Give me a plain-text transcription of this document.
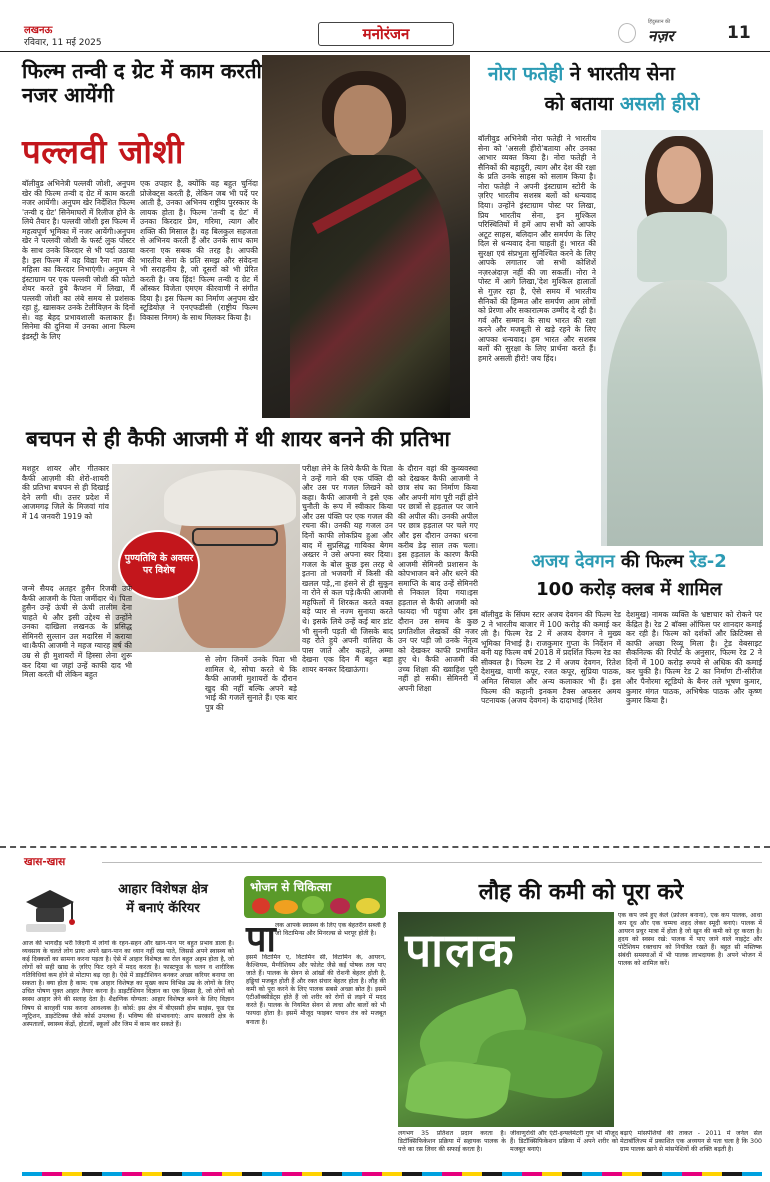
लखनऊ
रविवार, 11 मई 2025	मनोरंजन
हिंदुस्तान की
नज़र	11
फिल्म तन्वी द ग्रेट में काम करती नजर आयेंगी
पल्लवी जोशी
बॉलीवुड अभिनेत्री पल्लवी जोशी, अनुपम खेर की फिल्म तन्वी द ग्रेट में काम करती नजर आयेंगी। अनुपम खेर निर्देशित फिल्म 'तन्वी द ग्रेट' सिनेमाघरों में रिलीज होने के लिये तैयार है। पल्लवी जोशी इस फिल्म में महत्वपूर्ण भूमिका में नजर आयेंगी।अनुपम खेर ने पल्लवी जोशी के फर्स्ट लुक पोस्टर के साथ उनके किरदार से भी पर्दा उठाया है। इस फिल्म में वह विद्या रैना नाम की महिला का किरदार निभाएंगी। अनुपम ने इंस्टाग्राम पर एक पल्लवी जोशी की फोटो शेयर करते हुये कैप्शन में लिखा, मैं पल्लवी जोशी का लंबे समय से प्रशंसक रहा हूं, खासकर उनके टेलीविज़न के दिनों से। वह बेहद प्रभावशाली कलाकार हैं। सिनेमा की दुनिया में उनका आना फिल्म इंडस्ट्री के लिए
एक उपहार है, क्योंकि वह बहुत चुनिंदा प्रोजेक्ट्स करती है, लेकिन जब भी पर्दे पर आती है, उनका अभिनय राष्ट्रीय पुरस्कार के लायक होता है। फिल्म 'तन्वी द ग्रेट' में उनका किरदार प्रेम, गरिमा, त्याग और शक्ति की मिसाल है। वह बिलकुल सहजता से अभिनय करती हैं और उनके साथ काम करना एक सबक की तरह है। आपकी भारतीय सेना के प्रति समझ और संवेदना भी सराहनीय है, जो दूसरों को भी प्रेरित करती है। जय हिंद! फिल्म तन्वी द ग्रेट में ऑस्कर विजेता एमएम कीरवाणी ने संगीत दिया है। इस फिल्म का निर्माण अनुपम खेर स्टूडियोज़ ने एनएफडीसी (राष्ट्रीय फिल्म विकास निगम) के साथ मिलकर किया है।
नोरा फतेही ने भारतीय सेना
को बताया असली हीरो
बॉलीवुड अभिनेत्री नोरा फतेही ने भारतीय सेना को 'असली हीरो'बताया और उनका आभार व्यक्त किया है। नोरा फतेही ने सैनिकों की बहादुरी, त्याग और देश की रक्षा के प्रति उनके साहस को सलाम किया है। नोरा फतेही ने अपनी इंस्टाग्राम स्टोरी के ज़रिए भारतीय सशस्त्र बलों को धन्यवाद दिया। उन्होंने इंस्टाग्राम पोस्ट पर लिखा, प्रिय भारतीय सेना, इन मुश्किल परिस्थितियों में हमें आप सभी को आपके अटूट साहस, बलिदान और समर्पण के लिए दिल से धन्यवाद देना चाहती हूं। भारत की सुरक्षा एवं संप्रभुता सुनिश्चित करने के लिए आपके लगातार जो सभी कोशिशें नज़रअंदाज़ नहीं की जा सकतीं। नोरा ने पोस्ट में आगे लिखा,'देश मुश्किल हालातों से गुज़र रहा है, ऐसे समय में भारतीय सैनिकों की हिम्मत और समर्पण आम लोगों को प्रेरणा और सकारात्मक उम्मीद दे रही है। गर्व और सम्मान के साथ भारत की रक्षा करने और मजबूती से खड़े रहने के लिए आपका धन्यवाद। हम भारत और सशस्त्र बलों की सुरक्षा के लिए प्रार्थना करते हैं।हमारे असली हीरो! जय हिंद।
बचपन से ही कैफी आजमी में थी शायर बनने की प्रतिभा
मशहूर शायर और गीतकार कैफी आज़मी की शेरो-शायरी की प्रतिभा बचपन से ही दिखाई देने लगी थी। उत्तर प्रदेश में आजमगढ़ जिले के मिजवां गांव में 14 जनवरी 1919 को
पुण्यतिथि के अवसर पर विशेष
जन्मे सैयद अतहर हुसैन रिजवी उर्फ कैफी आजमी के पिता जमींदार थे। पिता हुसैन उन्हें ऊंची से ऊंची तालीम देना चाहते थे और इसी उद्देश्य से उन्होंने उनका दाखिला लखनऊ के प्रसिद्ध सेमिनरी सुल्तान उल मदारिस में कराया था।कैफी आजमी ने महज ग्यारह वर्ष की उम्र से ही मुशायरों में हिस्सा लेना शुरू कर दिया था जहां उन्हें काफी दाद भी मिला करती थी लेकिन बहुत
से लोग जिनमें उनके पिता भी शामिल थे, सोचा करते थे कि कैफी आजमी मुशायरों के दौरान खुद की नहीं बल्कि अपने बड़े भाई की गजलें सुनाते हैं। एक बार पुत्र की
परीक्षा लेने के लिये कैफी के पिता ने उन्हें गाने की एक पंक्ति दी और उस पर गजल लिखने को कहा। कैफी आजमी ने इसे एक चुनौती के रूप में स्वीकार किया और उस पंक्ति पर एक गजल की रचना की। उनकी यह गजल उन दिनों काफी लोकप्रिय हुआ और बाद में सुप्रसिद्ध गायिका बेगम अख्तर ने उसे अपना स्वर दिया। गजल के बोल कुछ इस तरह थे इतना तो भजवगी में किसी की खलल पड़े,,ना हंसने से ही सुकून ना रोने से कल पड़े।कैफी आजमी महफिलों में शिरकत करते वक्त बड़े प्यार से नज्म सुनाया करते थे। इसके लिये उन्हें कई बार डांट भी सुननी पड़ती थी जिसके बाद वह रोते हुये अपनी वालिदा के पास जाते और कहते, अम्मा देखना एक दिन मैं बहुत बड़ा शायर बनकर दिखाऊंगा।
के दौरान वहां की कुव्यवस्था को देखकर कैफी आजमी ने छात्र संघ का निर्माण किया और अपनी मांग पूरी नहीं होने पर छात्रों से हड़ताल पर जाने की अपील की। उनकी अपील पर छात्र हड़ताल पर चले गए और इस दौरान उनका धरना करीब डेढ़ साल तक चला। इस हड़ताल के कारण कैफी आजमी सेमिनरी प्रशासन के कोपभाजन बने और धरने की समाप्ति के बाद उन्हें सेमिनरी से निकाल दिया गया।इस हड़ताल से कैफी आजमी को फायदा भी पहुंचा और इस दौरान उस समय के कुछ प्रगतिशील लेखकों की नजर उन पर पड़ी जो उनके नेतृत्व को देखकर काफी प्रभावित हुए थे। कैफी आजमी की उच्च शिक्षा की ख्वाहिश पूरी नहीं हो सकी। सेमिनरी में अपनी शिक्षा
अजय देवगन की फिल्म रेड-2
100 करोड़ क्लब में शामिल
बॉलीवुड के सिंघम स्टार अजय देवगन की फिल्म रेड 2 ने भारतीय बाजार में 100 करोड़ की कमाई कर ली है। फिल्म रेड 2 में अजय देवगन ने मुख्य भूमिका निभाई है। राजकुमार गुप्ता के निर्देशन में बनी यह फिल्म वर्ष 2018 में प्रदर्शित फिल्म रेड का सीक्वल है। फिल्म रेड 2 में अजय देवगन, रितेश देशमुख, वाणी कपूर, रजत कपूर, सुप्रिया पाठक, अमित सियाल और अन्य कलाकार भी हैं। इस फिल्म की कहानी इनकम टैक्स अफसर अमय पटनायक (अजय देवगन) के दादाभाई (रितेश
देशमुख) नामक व्यक्ति के भ्रष्टाचार को रोकने पर केंद्रित है। रेड 2 बॉक्स ऑफिस पर शानदार कमाई कर रही है। फिल्म को दर्शकों और क्रिटिक्स से काफी अच्छा रिव्यू मिला है। ट्रेड वेबसाइट सैकनिल्क की रिपोर्ट के अनुसार, फिल्म रेड 2 ने दिनों में 100 करोड़ रूपये से अधिक की कमाई कर चुकी है। फिल्म रेड 2 का निर्माण टी-सीरीज और पैनोरमा स्टूडियो के बैनर तले भूषण कुमार, कुमार मंगत पाठक, अभिषेक पाठक और कृष्ण कुमार किया है।
खास-खास
आहार विशेषज्ञ क्षेत्र
में बनाएं कॅरियर
आज की भागदौड़ भरी जिंदगी में लोगों के रहन-सहन और खान-पान पर बहुत प्रभाव डाला है। व्यवसाय के चलते लोग प्रायः अपने खान-पान का ध्यान नहीं रख पाते, जिससे अपने स्वास्थ्य को कई दिक्कतों का सामना करना पड़ता है। ऐसे में आहार विशेषज्ञ का रोल बहुत अहम होता है, जो लोगों को सही खाद्य के ज़रिए फिट रहने में मदद करता है। फास्टफूड के चलन व शारीरिक गतिविधियां कम होने से मोटापा बढ़ रहा है। ऐसे में डाइटीशियन बनकर अच्छा करियर बनाया जा सकता है। क्या होता है काम: एक आहार विशेषज्ञ का मुख्य काम विभिन्न उम्र के लोगों के लिए उचित पोषण युक्त आहार तैयार करना है। डाइटीशियन विज्ञान का एक हिस्सा है, जो लोगों को स्वस्थ आहार लेने की सलाह देता है। शैक्षणिक योग्यता: आहार विशेषज्ञ बनने के लिए विज्ञान विषय से बारहवीं पास करना आवश्यक है। कोर्स: इस क्षेत्र में बीएससी होम साइंस, फूड एंड न्यूट्रिशन, डाइटेटिक्स जैसे कोर्स उपलब्ध हैं। भविष्य की संभावनाएं: आप सरकारी क्षेत्र के अस्पतालों, स्वास्थ्य केंद्रों, होटलों, स्कूलों और जिम में काम कर सकते हैं।
भोजन से चिकित्सा
पा लक आपके स्वास्थ्य के लिए एक बेहतरीन सब्जी है जो विटामिन्स और मिनरल्स से भरपूर होती है।
इसमें विटामिन ए, विटामिन सी, विटामिन के, आयरन, कैल्शियम, मैग्नीशियम और फोलेट जैसे कई पोषक तत्व पाए जाते हैं। पालक के सेवन से आंखों की रोशनी बेहतर होती है, हड्डियां मजबूत होती हैं और रक्त संचार बेहतर होता है। लौह की कमी को पूरा करने के लिए पालक सबसे अच्छा स्रोत है। इसमें एंटीऑक्सीडेंट्स होते हैं जो शरीर को रोगों से लड़ने में मदद करते हैं। पालक के नियमित सेवन से त्वचा और बालों को भी फायदा होता है। इसमें मौजूद फाइबर पाचन तंत्र को मजबूत बनाता है।
लौह की कमी को पूरा करे
पालक
एक कप जमे हुए केले (फ्रोजन बनाना), एक कप पालक, आधा कप दूध और एक चम्मच शहद लेकर स्मूदी बनाएं। पालक में आयरन प्रचुर मात्रा में होता है जो खून की कमी को दूर करता है। हृदय को स्वस्थ रखे: पालक में पाए जाने वाले नाइट्रेट और पोटैशियम रक्तचाप को नियंत्रित रखते हैं। बहुत सी मस्तिष्क संबंधी समस्याओं में भी पालक लाभदायक है। अपने भोजन में पालक को शामिल करें।
लगभग 35 प्रतिशत प्रदान करता है। डिटॉक्सिफिकेशन प्रक्रिया में सहायक पालक के पत्ते का रस लिवर की सफाई करता है।
जीवाणुरोधी और एंटी-इन्फ्लेमेटरी गुण भी मौजूद हैं। डिटॉक्सिफिकेशन प्रक्रिया में अपने शरीर को मजबूत बनाएं।
बढ़ाएं मांसपेशियों की ताकत - 2011 में जर्नल सेल मेटाबॉलिज्म में प्रकाशित एक अध्ययन से पता चला है कि 300 ग्राम पालक खाने से मांसपेशियों की शक्ति बढ़ती है।
